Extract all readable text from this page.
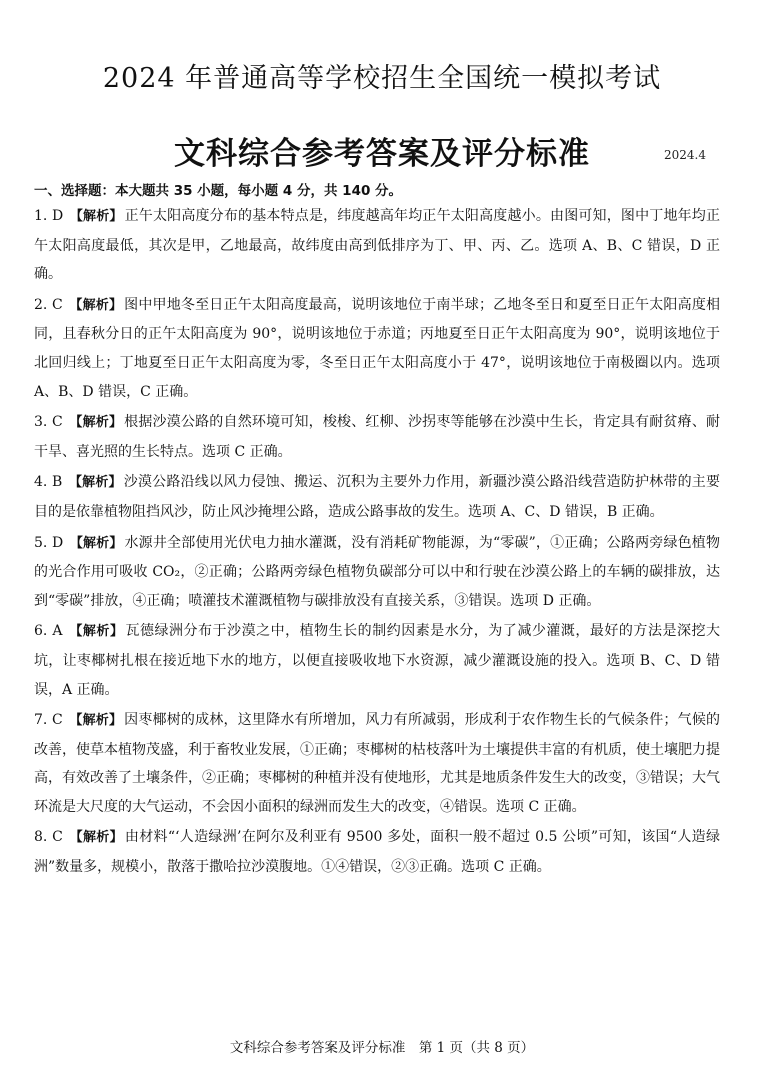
2024 年普通高等学校招生全国统一模拟考试
文科综合参考答案及评分标准	2024.4
一、选择题：本大题共 35 小题，每小题 4 分，共 140 分。

1. D 【解析】 正午太阳高度分布的基本特点是，纬度越高年均正午太阳高度越小。由图可知，图中丁地年均正午太阳高度最低，其次是甲，乙地最高，故纬度由高到低排序为丁、甲、丙、乙。选项 A、B、C 错误，D 正确。

2. C 【解析】 图中甲地冬至日正午太阳高度最高，说明该地位于南半球；乙地冬至日和夏至日正午太阳高度相同，且春秋分日的正午太阳高度为 90°，说明该地位于赤道；丙地夏至日正午太阳高度为 90°，说明该地位于北回归线上；丁地夏至日正午太阳高度为零，冬至日正午太阳高度小于 47°，说明该地位于南极圈以内。选项 A、B、D 错误，C 正确。

3. C 【解析】 根据沙漠公路的自然环境可知，梭梭、红柳、沙拐枣等能够在沙漠中生长，肯定具有耐贫瘠、耐干旱、喜光照的生长特点。选项 C 正确。

4. B 【解析】 沙漠公路沿线以风力侵蚀、搬运、沉积为主要外力作用，新疆沙漠公路沿线营造防护林带的主要目的是依靠植物阻挡风沙，防止风沙掩埋公路，造成公路事故的发生。选项 A、C、D 错误，B 正确。

5. D 【解析】 水源井全部使用光伏电力抽水灌溉，没有消耗矿物能源，为“零碳”，①正确；公路两旁绿色植物的光合作用可吸收 CO₂，②正确；公路两旁绿色植物负碳部分可以中和行驶在沙漠公路上的车辆的碳排放，达到“零碳”排放，④正确；喷灌技术灌溉植物与碳排放没有直接关系，③错误。选项 D 正确。

6. A 【解析】 瓦德绿洲分布于沙漠之中，植物生长的制约因素是水分，为了减少灌溉，最好的方法是深挖大坑，让枣椰树扎根在接近地下水的地方，以便直接吸收地下水资源，减少灌溉设施的投入。选项 B、C、D 错误，A 正确。

7. C 【解析】 因枣椰树的成林，这里降水有所增加，风力有所减弱，形成利于农作物生长的气候条件；气候的改善，使草本植物茂盛，利于畜牧业发展，①正确；枣椰树的枯枝落叶为土壤提供丰富的有机质，使土壤肥力提高，有效改善了土壤条件，②正确；枣椰树的种植并没有使地形，尤其是地质条件发生大的改变，③错误；大气环流是大尺度的大气运动，不会因小面积的绿洲而发生大的改变，④错误。选项 C 正确。

8. C 【解析】 由材料“‘人造绿洲’在阿尔及利亚有 9500 多处，面积一般不超过 0.5 公顷”可知，该国“人造绿洲”数量多，规模小，散落于撒哈拉沙漠腹地。①④错误，②③正确。选项 C 正确。

文科综合参考答案及评分标准　第 1 页（共 8 页）
